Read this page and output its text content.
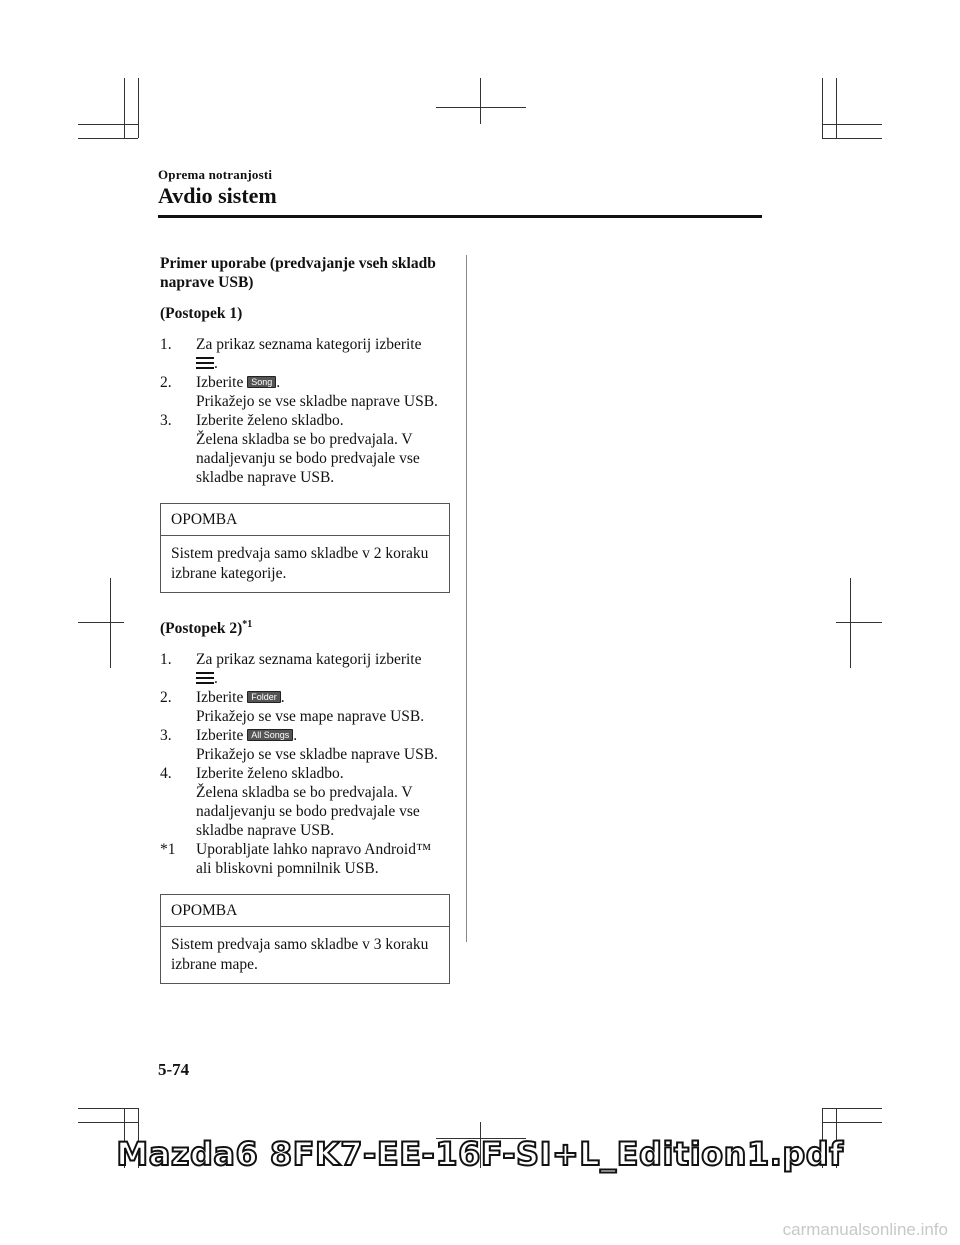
Oprema notranjosti
Avdio sistem

Primer uporabe (predvajanje vseh skladb naprave USB)

(Postopek 1)

1. Za prikaz seznama kategorij izberite

.

2. Izberite Song .

Prikažejo se vse skladbe naprave USB.

3. Izberite želeno skladbo.

Želena skladba se bo predvajala. V nadaljevanju se bodo predvajale vse skladbe naprave USB.

OPOMBA
Sistem predvaja samo skladbe v 2 koraku izbrane kategorije.

(Postopek 2)$^{*1}$

1. Za prikaz seznama kategorij izberite

.

2. Izberite Folder .

Prikažejo se vse mape naprave USB.

3. Izberite All Songs .

Prikažejo se vse skladbe naprave USB.

4. Izberite želeno skladbo.

Želena skladba se bo predvajala. V nadaljevanju se bodo predvajale vse skladbe naprave USB.

*1 Uporabljate lahko napravo Android™ ali bliskovni pomnilnik USB.

OPOMBA
Sistem predvaja samo skladbe v 3 koraku izbrane mape.
5-74
Mazda6 8FK7-EE-16F-SI+L_Edition1.pdf
carmanualsonline.info
